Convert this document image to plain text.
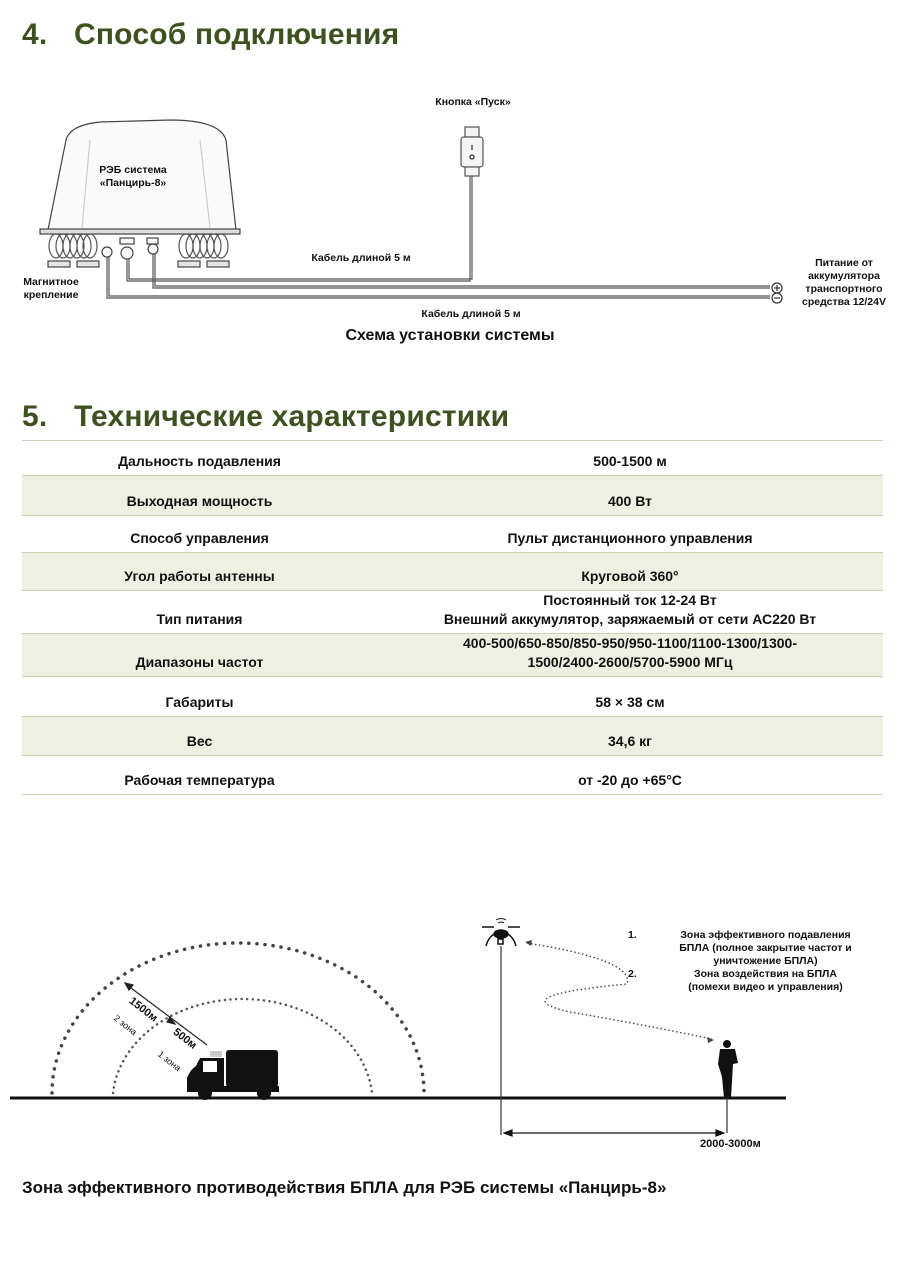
4. Способ подключения
РЭБ система
«Панцирь-8»
Кнопка «Пуск»
Кабель длиной 5 м
Кабель длиной 5 м
Магнитное
крепление
Питание от
аккумулятора
транспортного
средства 12/24V
Схема установки системы
5. Технические характеристики
Дальность подавления	500-1500 м
Выходная мощность	400 Вт
Способ управления	Пульт дистанционного управления
Угол работы антенны	Круговой 360°
Тип питания	Постоянный ток 12-24 Вт
Внешний аккумулятор, заряжаемый от сети АС220 Вт

Диапазоны частот	400-500/650-850/850-950/950-1100/1100-1300/1300-
1500/2400-2600/5700-5900 МГц

Габариты	58 × 38 см
Вес	34,6 кг
Рабочая температура	от -20 до +65°С
1500м
500м
2 зона
1 зона
1.	Зона эффективного подавления
БПЛА (полное закрытие частот и
уничтожение БПЛА)
2.	Зона воздействия на БПЛА
(помехи видео и управления)
2000-3000м
Зона эффективного противодействия БПЛА для РЭБ системы «Панцирь-8»
